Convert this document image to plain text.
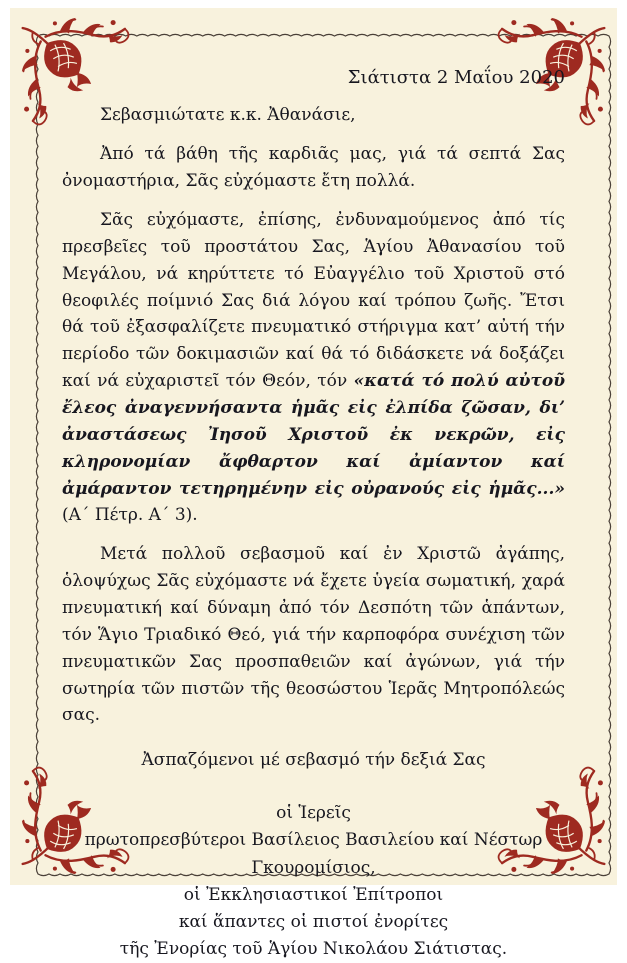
Σιάτιστα 2 Μαΐου 2020
Σεβασμιώτατε κ.κ. Ἀθανάσιε,

Ἀπό τά βάθη τῆς καρδιᾶς μας, γιά τά σεπτά Σας ὀνομαστήρια, Σᾶς εὐχόμαστε ἔτη πολλά.

Σᾶς εὐχόμαστε, ἐπίσης, ἐνδυναμούμενος ἀπό τίς πρεσβεῖες τοῦ προστάτου Σας, Ἁγίου Ἀθανασίου τοῦ Μεγάλου, νά κηρύττετε τό Εὐαγγέλιο τοῦ Χριστοῦ στό θεοφιλές ποίμνιό Σας διά λόγου καί τρόπου ζωῆς. Ἔτσι θά τοῦ ἐξασφαλίζετε πνευματικό στήριγμα κατ’ αὐτή τήν περίοδο τῶν δοκιμασιῶν καί θά τό διδάσκετε νά δοξάζει καί νά εὐχαριστεῖ τόν Θεόν, τόν «κατά τό πολύ αὐτοῦ ἔλεος ἀναγεννήσαντα ἡμᾶς εἰς ἐλπίδα ζῶσαν, δι’ ἀναστάσεως Ἰησοῦ Χριστοῦ ἐκ νεκρῶν, εἰς κληρονομίαν ἄφθαρτον καί ἀμίαντον καί ἀμάραντον τετηρημένην εἰς οὐρανούς εἰς ἡμᾶς...» (Α΄ Πέτρ. Α΄ 3).

Μετά πολλοῦ σεβασμοῦ καί ἐν Χριστῶ ἀγάπης, ὁλοψύχως Σᾶς εὐχόμαστε νά ἔχετε ὑγεία σωματική, χαρά πνευματική καί δύναμη ἀπό τόν Δεσπότη τῶν ἁπάντων, τόν Ἅγιο Τριαδικό Θεό, γιά τήν καρποφόρα συνέχιση τῶν πνευματικῶν Σας προσπαθειῶν καί ἀγώνων, γιά τήν σωτηρία τῶν πιστῶν τῆς θεοσώστου Ἱερᾶς Μητροπόλεώς σας.

Ἀσπαζόμενοι μέ σεβασμό τήν δεξιά Σας
οἱ Ἱερεῖς
πρωτοπρεσβύτεροι Βασίλειος Βασιλείου καί Νέστωρ Γκουρομίσιος,
οἱ Ἐκκλησιαστικοί Ἐπίτροποι
καί ἅπαντες οἱ πιστοί ἐνορίτες
τῆς Ἐνορίας τοῦ Ἁγίου Νικολάου Σιάτιστας.
